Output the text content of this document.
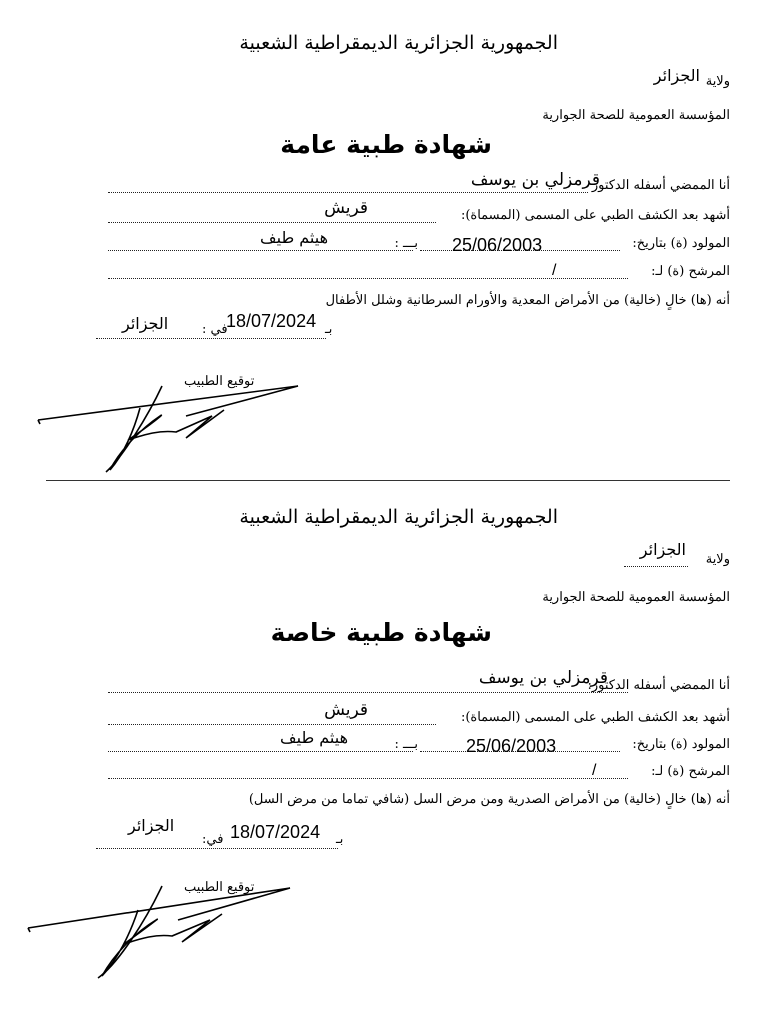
الجمهورية الجزائرية الديمقراطية الشعبية
ولاية
الجزائر
المؤسسة العمومية للصحة الجوارية
شهادة طبية عامة
أنا الممضي أسفله الدكتور
قرمزلي بن يوسف
أشهد بعد الكشف الطبي على المسمى (المسماة):
قريش
هيثم طيف	المولود (ة) بتاريخ:
25/06/2003
بـــ :
المرشح (ة) لـ:
/
أنه (ها) خالٍ (خالية) من الأمراض المعدية والأورام السرطانية وشلل الأطفال
بـ
18/07/2024
في :
الجزائر
توقيع الطبيب
الجمهورية الجزائرية الديمقراطية الشعبية
ولاية
الجزائر
المؤسسة العمومية للصحة الجوارية
شهادة طبية خاصة
أنا الممضي أسفله الدكتور:
قرمزلي بن يوسف
أشهد بعد الكشف الطبي على المسمى (المسماة):
قريش
هيثم طيف	المولود (ة) بتاريخ:
25/06/2003
بـــ :
المرشح (ة) لـ:
/
أنه (ها) خالٍ (خالية) من الأمراض الصدرية ومن مرض السل (شافي تماما من مرض السل)
بـ
18/07/2024
في:
الجزائر
توقيع الطبيب
